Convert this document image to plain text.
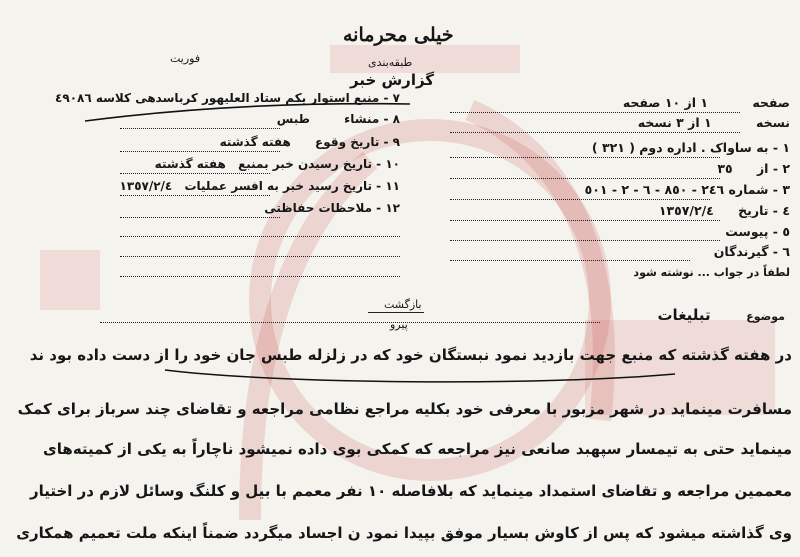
خیلی محرمانه
فوریت	طبقه‌بندی
گزارش خبر
٧ - منبع استوار یکم ستاد العلیهور کرباسدهی کلاسه ٤٩٠٨٦
٨ - منشاء طبس
٩ - تاریخ وقوع هفته گذشته
١٠ - تاریخ رسیدن خبر بمنبع هفته گذشته
١١ - تاریخ رسید خبر به افسر عملیات ١٣٥٧/٢/٤
١٢ - ملاحظات حفاظتی
صفحه ١ از ١٠ صفحه
نسخه ١ از ٣ نسخه
١ - به ساواک . اداره دوم ( ٣٢١ )
٢ - از ٣٥
٣ - شماره ٢٤٦ - ٨٥٠ - ٦ - ٢ - ٥٠١
٤ - تاریخ ١٣٥٧/٢/٤
٥ - پیوست
٦ - گیرندگان
لطفاً در جواب ... نوشته شود
بازگشت
پیرو
موضوع تبلیغات
در هفته گذشته که منبع جهت بازدید نمود نبستگان خود که در زلزله طبس جان خود را از دست داده بود ند
مسافرت مینماید در شهر مزبور با معرفی خود بکلیه مراجع نظامی مراجعه و تقاضای چند سرباز برای کمک
مینماید حتی به تیمسار سپهبد صانعی نیز مراجعه که کمکی بوی داده نمیشود ناچاراً به یکی از کمیته‌های
معممین مراجعه و تقاضای استمداد مینماید که بلافاصله ١٠ نفر معمم با بیل و کلنگ وسائل لازم در اختیار
وی گذاشته میشود که پس از کاوش بسیار موفق بپیدا نمود ن اجساد میگردد ضمناً اینکه ملت تعمیم همکاری
